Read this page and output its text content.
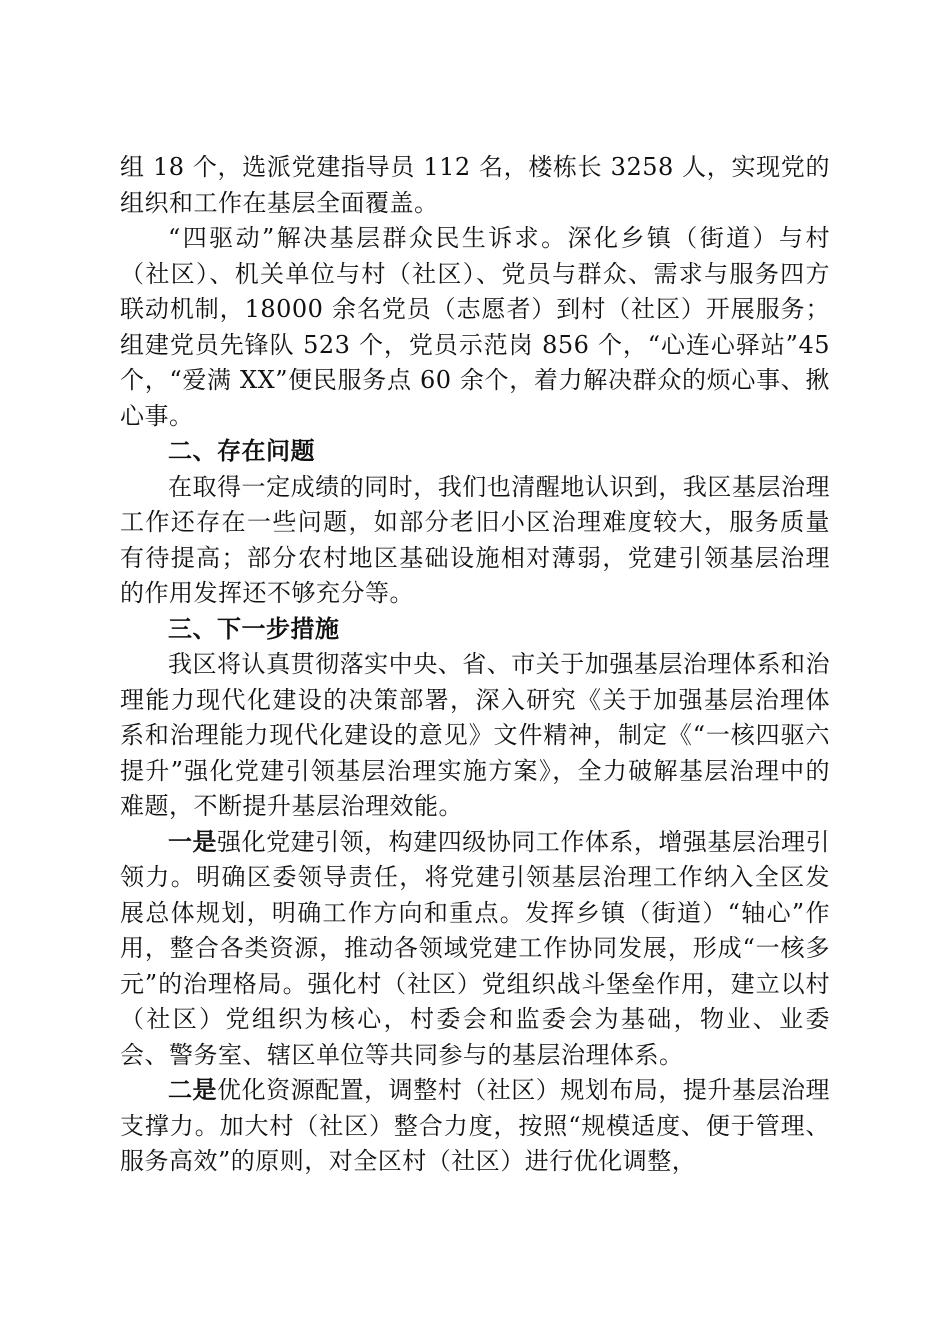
组 18 个，选派党建指导员 112 名，楼栋长 3258 人，实现党的组织和工作在基层全面覆盖。

“四驱动”解决基层群众民生诉求。深化乡镇（街道）与村（社区）、机关单位与村（社区）、党员与群众、需求与服务四方联动机制，18000 余名党员（志愿者）到村（社区）开展服务；组建党员先锋队 523 个，党员示范岗 856 个，“心连心驿站”45 个，“爱满 XX”便民服务点 60 余个，着力解决群众的烦心事、揪心事。

二、存在问题

在取得一定成绩的同时，我们也清醒地认识到，我区基层治理工作还存在一些问题，如部分老旧小区治理难度较大，服务质量有待提高；部分农村地区基础设施相对薄弱，党建引领基层治理的作用发挥还不够充分等。

三、下一步措施

我区将认真贯彻落实中央、省、市关于加强基层治理体系和治理能力现代化建设的决策部署，深入研究《关于加强基层治理体系和治理能力现代化建设的意见》文件精神，制定《“一核四驱六提升”强化党建引领基层治理实施方案》，全力破解基层治理中的难题，不断提升基层治理效能。

一是强化党建引领，构建四级协同工作体系，增强基层治理引领力。明确区委领导责任，将党建引领基层治理工作纳入全区发展总体规划，明确工作方向和重点。发挥乡镇（街道）“轴心”作用，整合各类资源，推动各领域党建工作协同发展，形成“一核多元”的治理格局。强化村（社区）党组织战斗堡垒作用，建立以村（社区）党组织为核心，村委会和监委会为基础，物业、业委会、警务室、辖区单位等共同参与的基层治理体系。

二是优化资源配置，调整村（社区）规划布局，提升基层治理支撑力。加大村（社区）整合力度，按照“规模适度、便于管理、服务高效”的原则，对全区村（社区）进行优化调整，
